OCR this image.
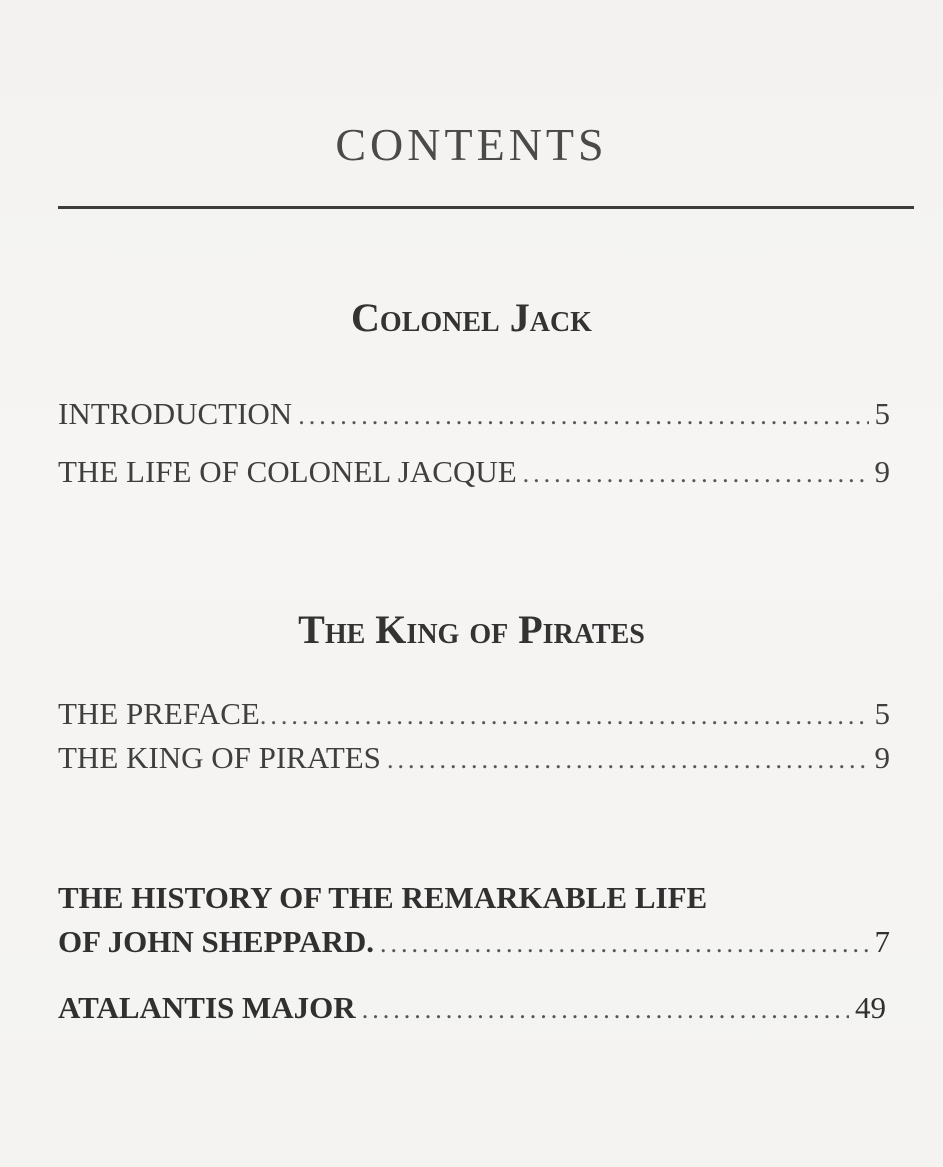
CONTENTS
Colonel Jack
INTRODUCTION .....	5
THE LIFE OF COLONEL JACQUE .....	9
The King of Pirates
THE PREFACE .....	5
THE KING OF PIRATES .....	9
THE HISTORY OF THE REMARKABLE LIFE
OF JOHN SHEPPARD. .....	7
ATALANTIS MAJOR .....	49
